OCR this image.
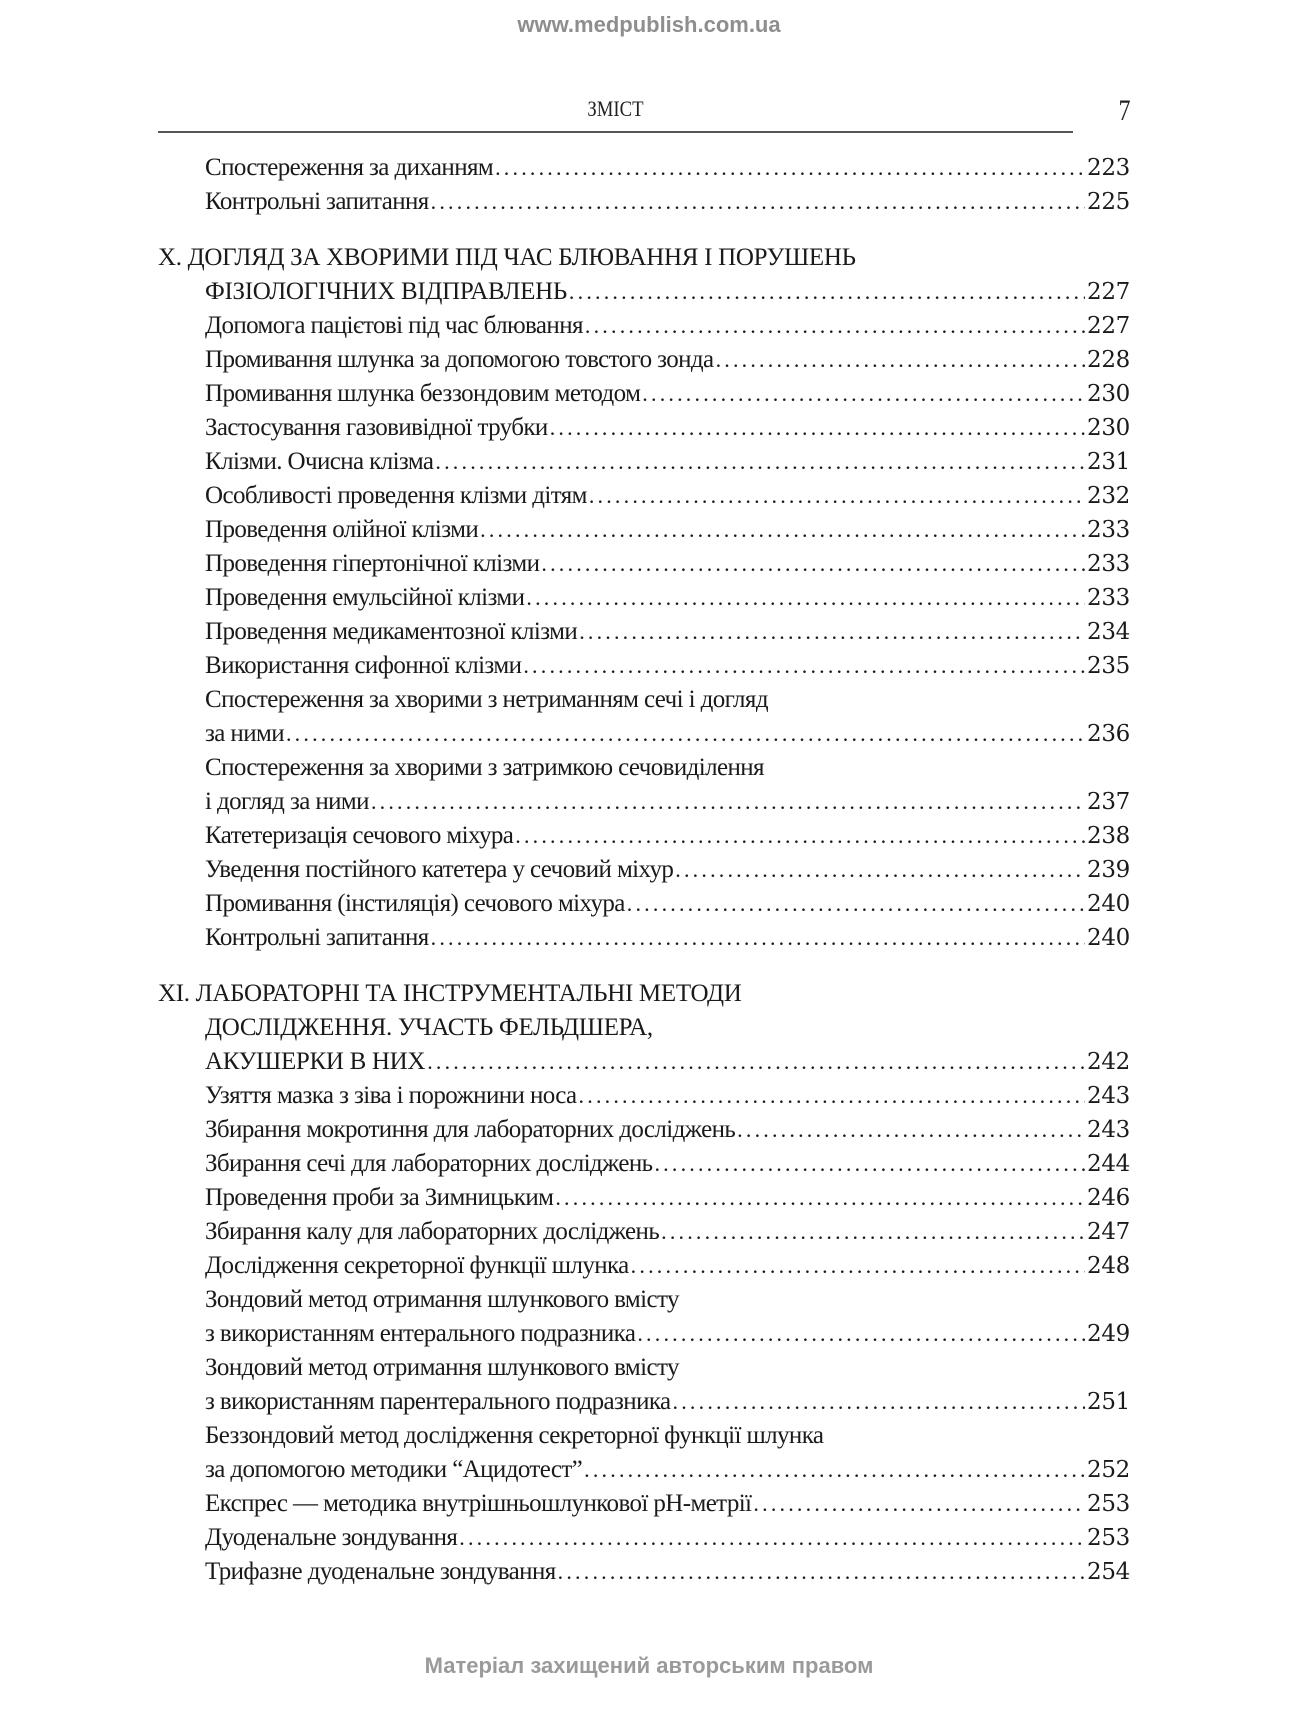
www.medpublish.com.ua
ЗМІСТ	7
Спостереження за диханням .....	223
Контрольні запитання .....	225
X. ДОГЛЯД ЗА ХВОРИМИ ПІД ЧАС БЛЮВАННЯ І ПОРУШЕНЬ
ФІЗІОЛОГІЧНИХ ВІДПРАВЛЕНЬ .....	227
Допомога пацієтові під час блювання .....	227
Промивання шлунка за допомогою товстого зонда .....	228
Промивання шлунка беззондовим методом .....	230
Застосування газовивідної трубки .....	230
Клізми. Очисна клізма .....	231
Особливості проведення клізми дітям .....	232
Проведення олійної клізми .....	233
Проведення гіпертонічної клізми .....	233
Проведення емульсійної клізми .....	233
Проведення медикаментозної клізми .....	234
Використання сифонної клізми .....	235
Спостереження за хворими з нетриманням сечі і догляд
за ними .....	236
Спостереження за хворими з затримкою сечовиділення
і догляд за ними .....	237
Катетеризація сечового міхура .....	238
Уведення постійного катетера у сечовий міхур .....	239
Промивання (інстиляція) сечового міхура .....	240
Контрольні запитання .....	240
XI. ЛАБОРАТОРНІ ТА ІНСТРУМЕНТАЛЬНІ МЕТОДИ
ДОСЛІДЖЕННЯ. УЧАСТЬ ФЕЛЬДШЕРА,
АКУШЕРКИ В НИХ .....	242
Узяття мазка з зіва і порожнини носа .....	243
Збирання мокротиння для лабораторних досліджень .....	243
Збирання сечі для лабораторних досліджень .....	244
Проведення проби за Зимницьким .....	246
Збирання калу для лабораторних досліджень .....	247
Дослідження секреторної функції шлунка .....	248
Зондовий метод отримання шлункового вмісту
з використанням ентерального подразника .....	249
Зондовий метод отримання шлункового вмісту
з використанням парентерального подразника .....	251
Беззондовий метод дослідження секреторної функції шлунка
за допомогою методики “Ацидотест” .....	252
Експрес — методика внутрішньошлункової рН-метрії .....	253
Дуоденальне зондування .....	253
Трифазне дуоденальне зондування .....	254
Матеріал захищений авторським правом
